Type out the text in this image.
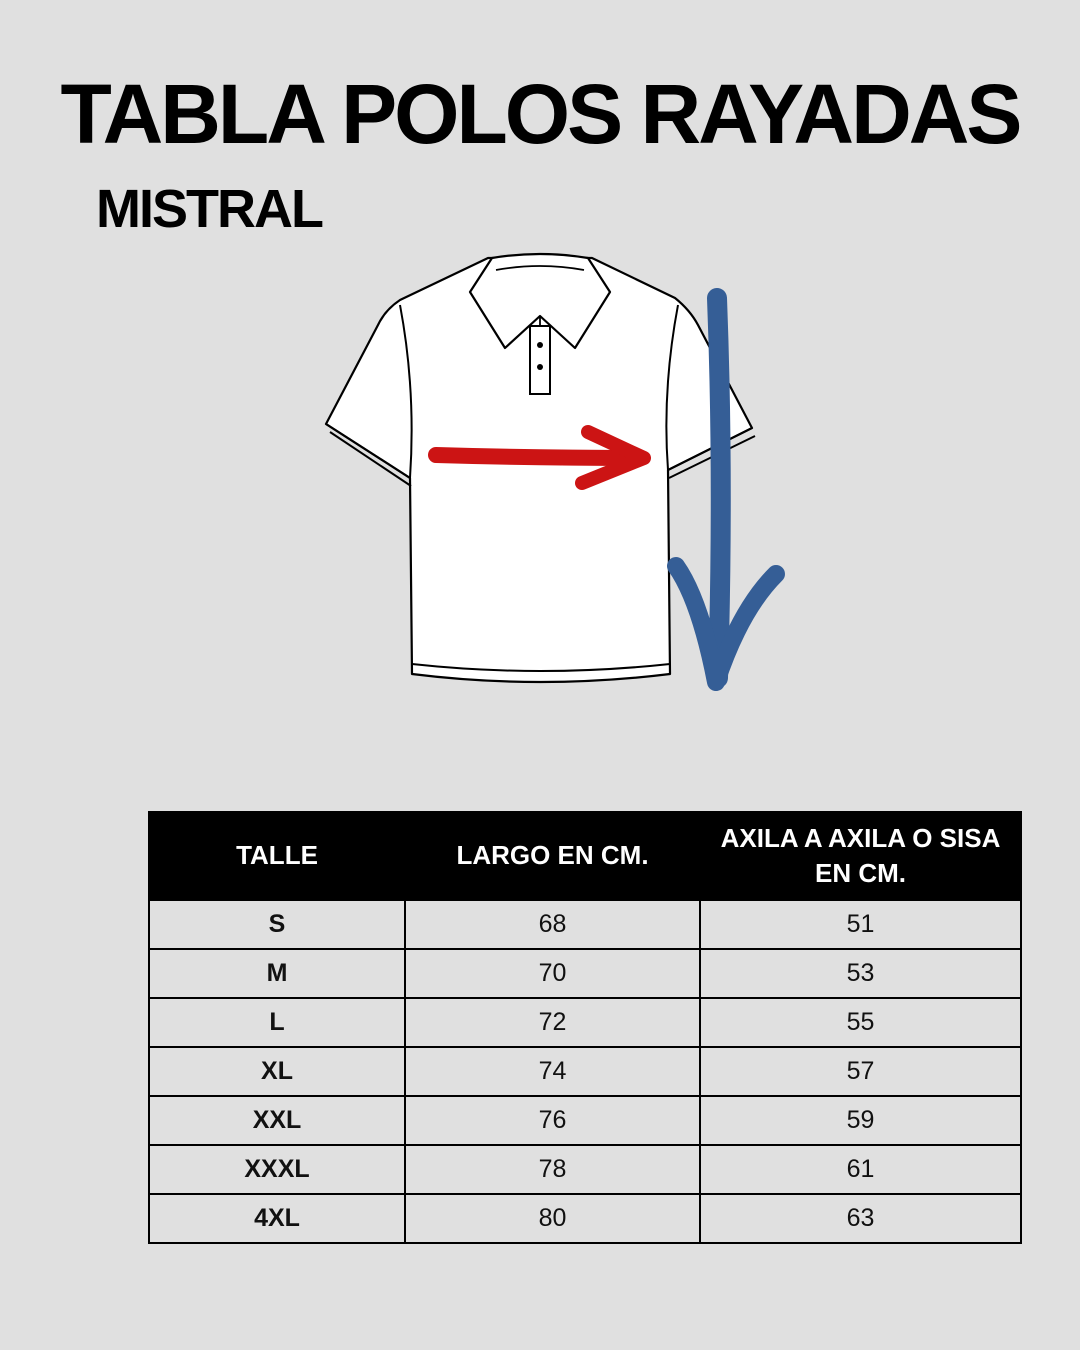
TABLA POLOS RAYADAS
MISTRAL
TALLE	LARGO EN CM.	AXILA A AXILA O SISA EN CM.
S	68	51
M	70	53
L	72	55
XL	74	57
XXL	76	59
XXXL	78	61
4XL	80	63
